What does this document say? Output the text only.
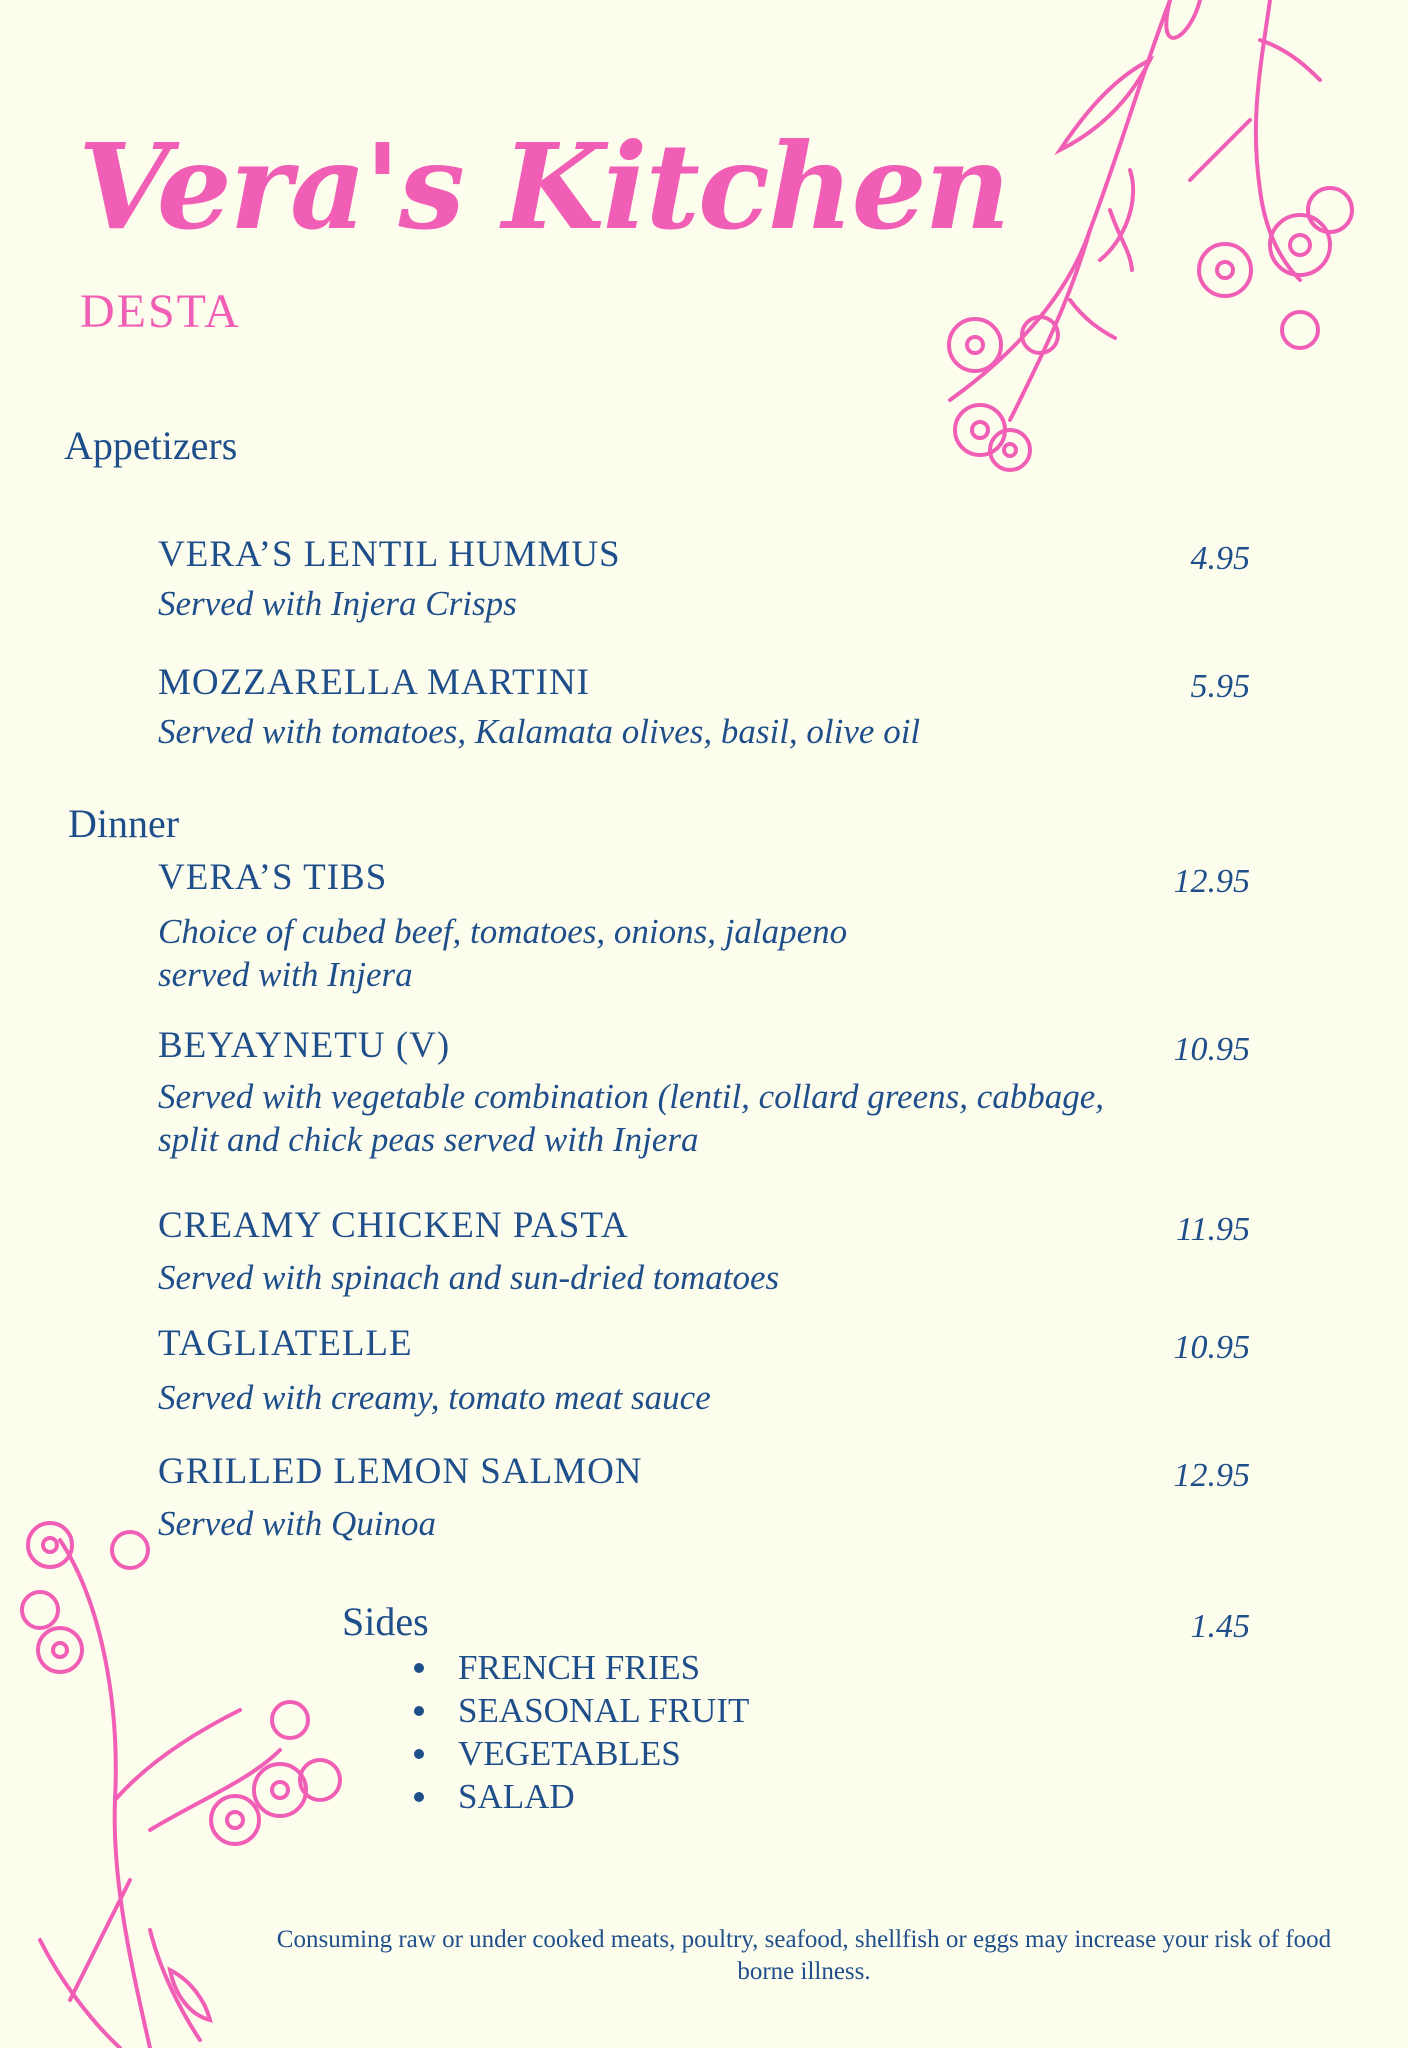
Vera's Kitchen
DESTA
Appetizers
VERA’S LENTIL HUMMUS	4.95
Served with Injera Crisps
MOZZARELLA MARTINI	5.95
Served with tomatoes, Kalamata olives, basil, olive oil
Dinner
VERA’S TIBS	12.95
Choice of cubed beef, tomatoes, onions, jalapeno served with Injera
BEYAYNETU (V)	10.95
Served with vegetable combination (lentil, collard greens, cabbage, split and chick peas served with Injera
CREAMY CHICKEN PASTA	11.95
Served with spinach and sun-dried tomatoes
TAGLIATELLE	10.95
Served with creamy, tomato meat sauce
GRILLED LEMON SALMON	12.95
Served with Quinoa
Sides	1.45
FRENCH FRIES
SEASONAL FRUIT
VEGETABLES
SALAD
Consuming raw or under cooked meats, poultry, seafood, shellfish or eggs may increase your risk of food borne illness.
